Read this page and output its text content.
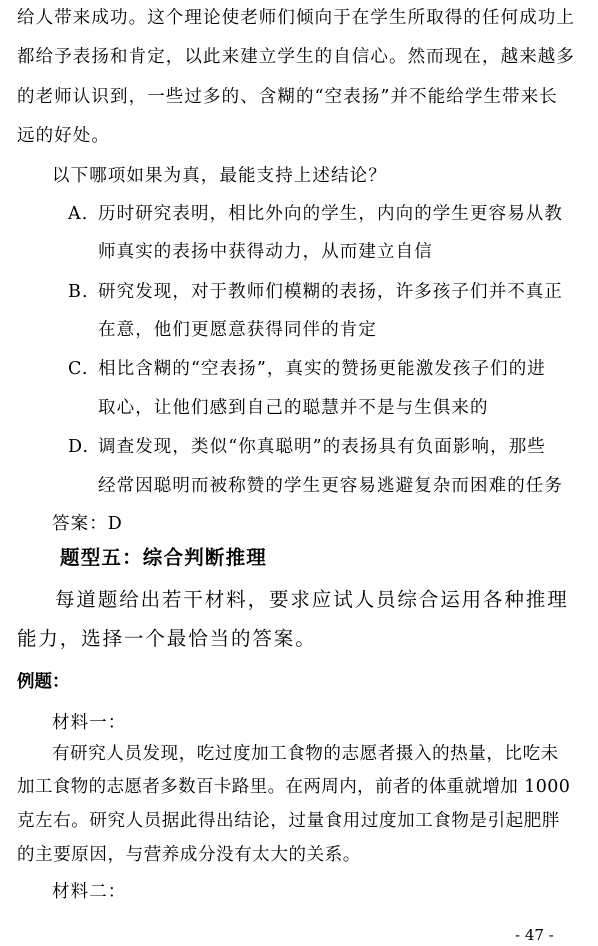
给人带来成功。这个理论使老师们倾向于在学生所取得的任何成功上
都给予表扬和肯定，以此来建立学生的自信心。然而现在，越来越多
的老师认识到，一些过多的、含糊的“空表扬”并不能给学生带来长
远的好处。
以下哪项如果为真，最能支持上述结论？
A. 历时研究表明，相比外向的学生，内向的学生更容易从教
师真实的表扬中获得动力，从而建立自信
B. 研究发现，对于教师们模糊的表扬，许多孩子们并不真正
在意，他们更愿意获得同伴的肯定
C. 相比含糊的“空表扬”，真实的赞扬更能激发孩子们的进
取心，让他们感到自己的聪慧并不是与生俱来的
D. 调查发现，类似“你真聪明”的表扬具有负面影响，那些
经常因聪明而被称赞的学生更容易逃避复杂而困难的任务
答案：D
题型五：综合判断推理
每道题给出若干材料，要求应试人员综合运用各种推理
能力，选择一个最恰当的答案。
例题：
材料一：
有研究人员发现，吃过度加工食物的志愿者摄入的热量，比吃未
加工食物的志愿者多数百卡路里。在两周内，前者的体重就增加 1000
克左右。研究人员据此得出结论，过量食用过度加工食物是引起肥胖
的主要原因，与营养成分没有太大的关系。
材料二：
- 47 -
